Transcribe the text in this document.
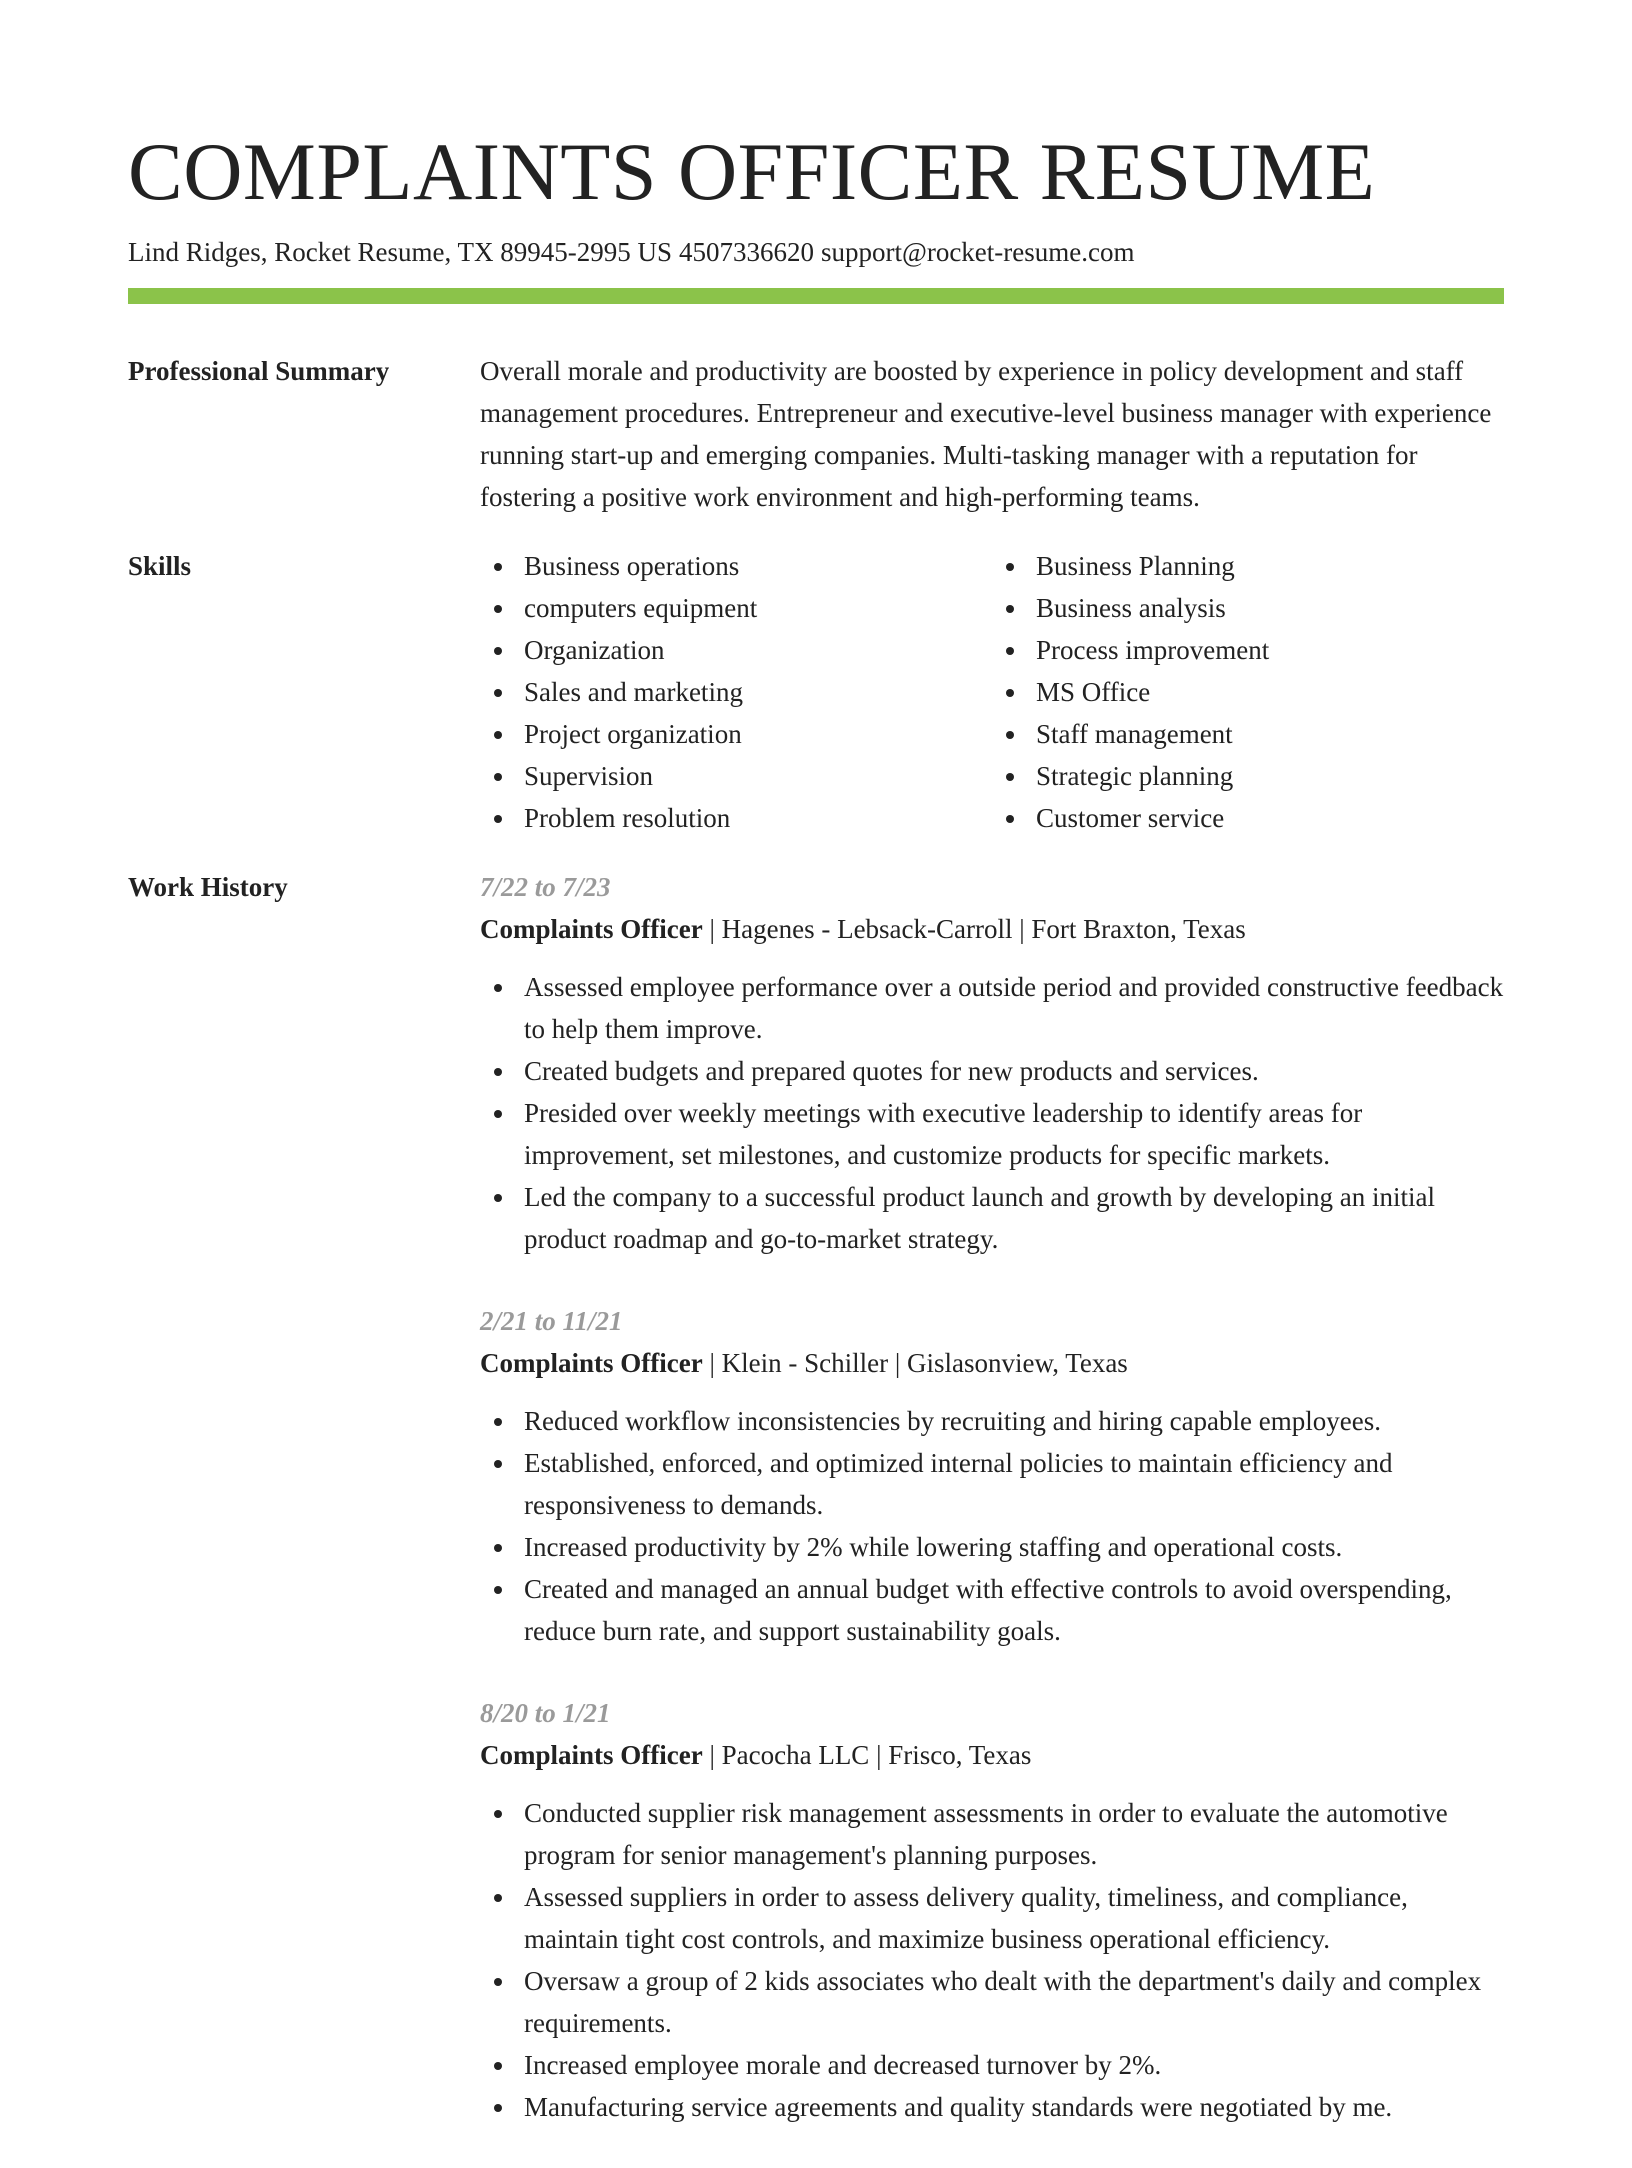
COMPLAINTS OFFICER RESUME
Lind Ridges, Rocket Resume, TX 89945-2995 US 4507336620 support@rocket-resume.com
Professional Summary	Overall morale and productivity are boosted by experience in policy development and staff management procedures. Entrepreneur and executive-level business manager with experience running start-up and emerging companies. Multi-tasking manager with a reputation for fostering a positive work environment and high-performing teams.
Skills	Business operations
computers equipment
Organization
Sales and marketing
Project organization
Supervision
Problem resolution
Business Planning
Business analysis
Process improvement
MS Office
Staff management
Strategic planning
Customer service
Work History	7/22 to 7/23
Complaints Officer | Hagenes - Lebsack-Carroll | Fort Braxton, Texas
Assessed employee performance over a outside period and provided constructive feedback to help them improve.
Created budgets and prepared quotes for new products and services.
Presided over weekly meetings with executive leadership to identify areas for improvement, set milestones, and customize products for specific markets.
Led the company to a successful product launch and growth by developing an initial product roadmap and go-to-market strategy.
2/21 to 11/21
Complaints Officer | Klein - Schiller | Gislasonview, Texas
Reduced workflow inconsistencies by recruiting and hiring capable employees.
Established, enforced, and optimized internal policies to maintain efficiency and responsiveness to demands.
Increased productivity by 2% while lowering staffing and operational costs.
Created and managed an annual budget with effective controls to avoid overspending, reduce burn rate, and support sustainability goals.
8/20 to 1/21
Complaints Officer | Pacocha LLC | Frisco, Texas
Conducted supplier risk management assessments in order to evaluate the automotive program for senior management's planning purposes.
Assessed suppliers in order to assess delivery quality, timeliness, and compliance, maintain tight cost controls, and maximize business operational efficiency.
Oversaw a group of 2 kids associates who dealt with the department's daily and complex requirements.
Increased employee morale and decreased turnover by 2%.
Manufacturing service agreements and quality standards were negotiated by me.
